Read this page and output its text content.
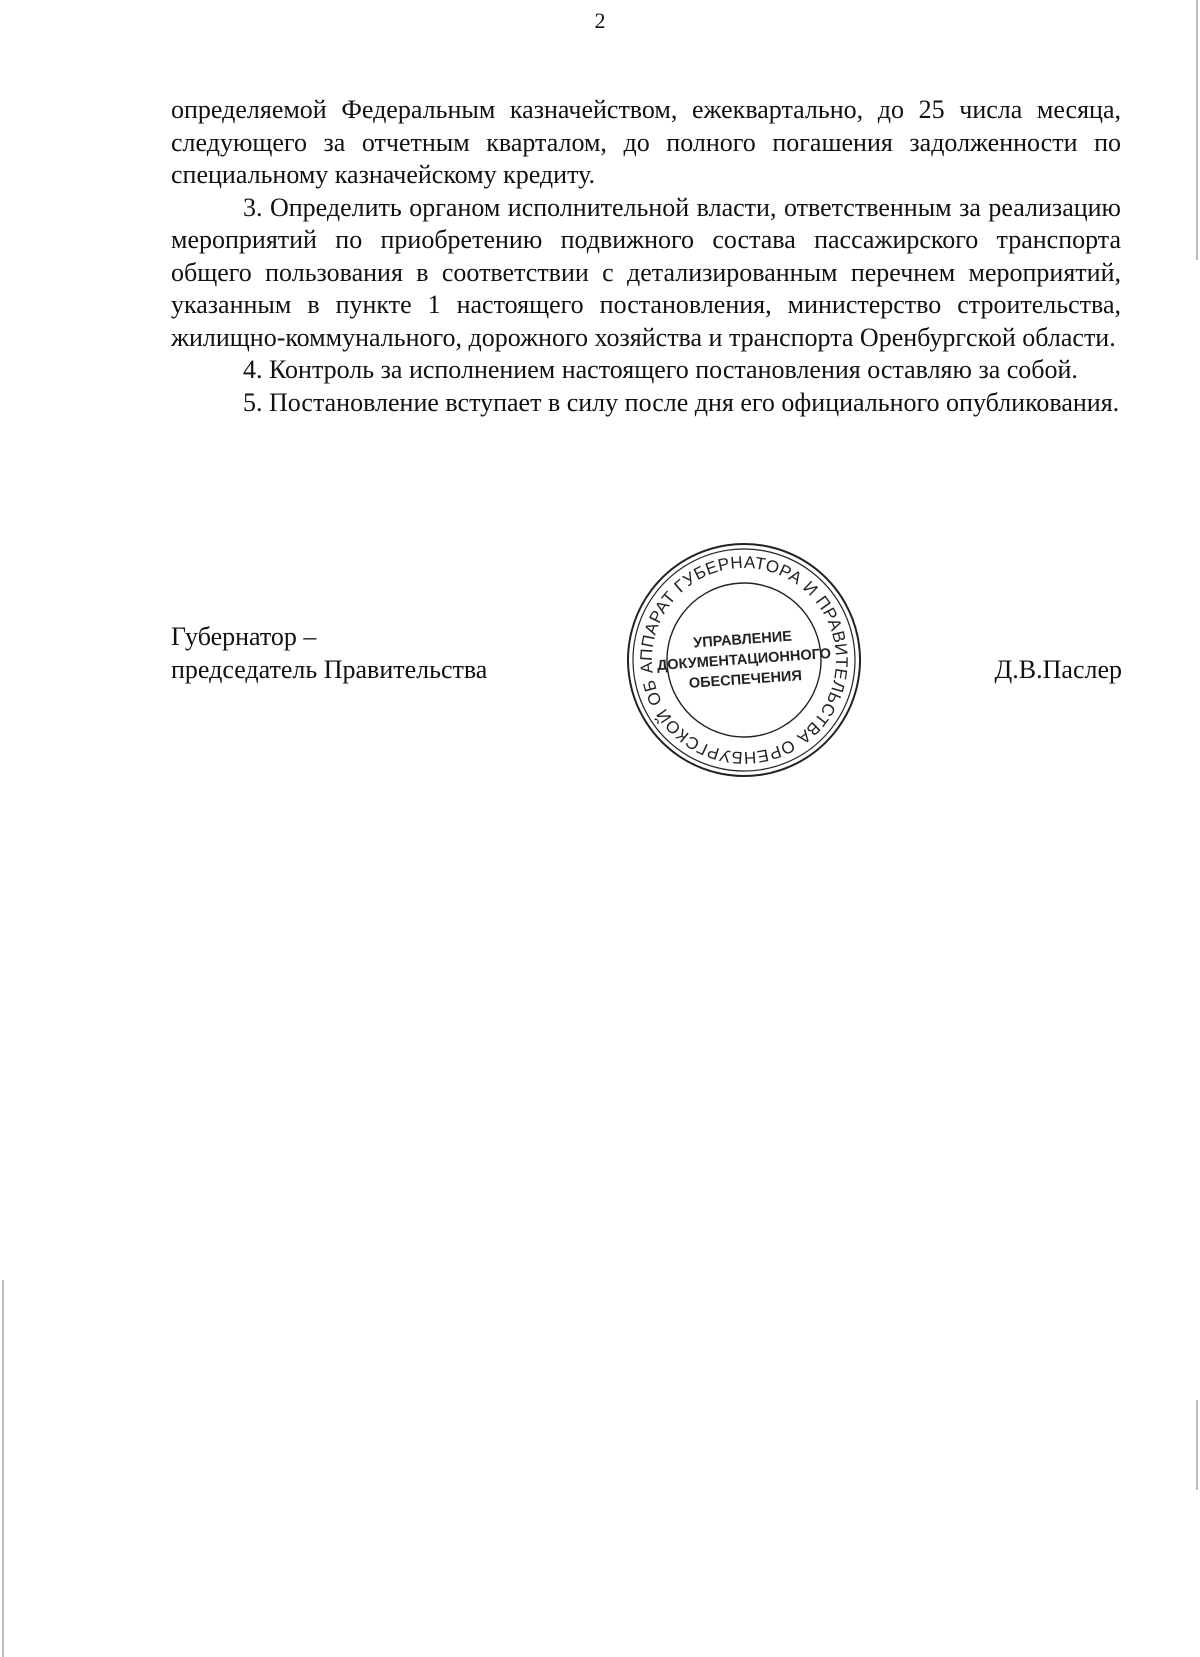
2

определяемой Федеральным казначейством, ежеквартально, до 25 числа месяца, следующего за отчетным кварталом, до полного погашения задолженности по специальному казначейскому кредиту.

3. Определить органом исполнительной власти, ответственным за реализацию мероприятий по приобретению подвижного состава пассажирского транспорта общего пользования в соответствии с детализированным перечнем мероприятий, указанным в пункте 1 настоящего постановления, министерство строительства, жилищно-коммунального, дорожного хозяйства и транспорта Оренбургской области.

4. Контроль за исполнением настоящего постановления оставляю за собой.

5. Постановление вступает в силу после дня его официального опубликования.

Губернатор –
председатель Правительства	Д.В.Паслер
АППАРАТ ГУБЕРНАТОРА И ПРАВИТЕЛЬСТВА ОРЕНБУРГСКОЙ ОБЛАСТИ
УПРАВЛЕНИЕ
ДОКУМЕНТАЦИОННОГО
ОБЕСПЕЧЕНИЯ
